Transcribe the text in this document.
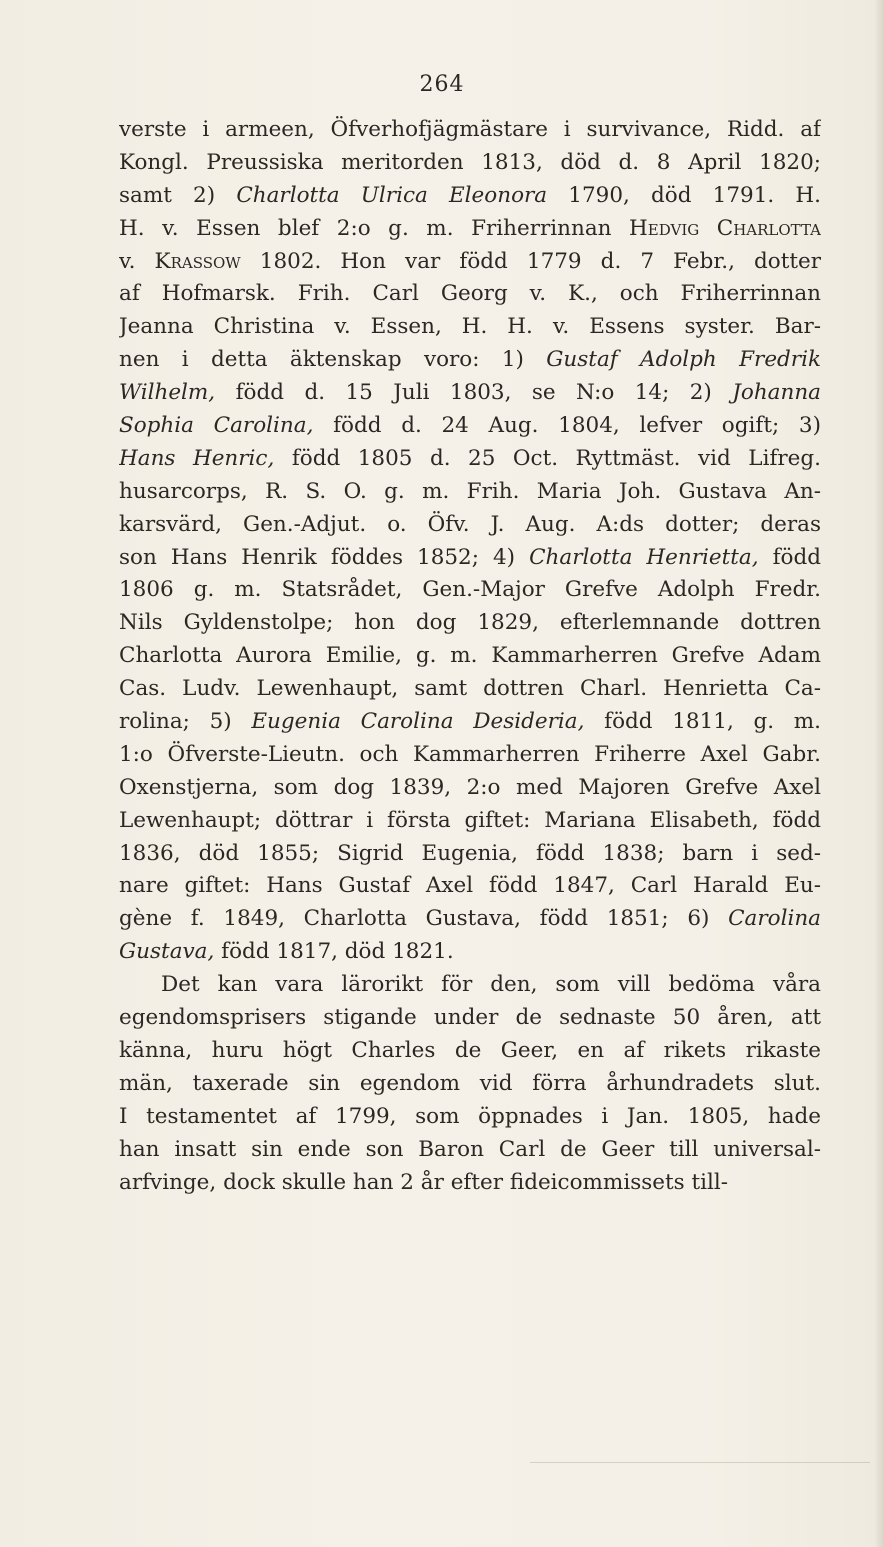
264
verste i armeen, Öfverhofjägmästare i survivance, Ridd. af
Kongl. Preussiska meritorden 1813, död d. 8 April 1820;
samt 2) Charlotta Ulrica Eleonora 1790, död 1791. H.
H. v. Essen blef 2:o g. m. Friherrinnan Hedvig Charlotta
v. Krassow 1802. Hon var född 1779 d. 7 Febr., dotter
af Hofmarsk. Frih. Carl Georg v. K., och Friherrinnan
Jeanna Christina v. Essen, H. H. v. Essens syster. Bar-
nen i detta äktenskap voro: 1) Gustaf Adolph Fredrik
Wilhelm, född d. 15 Juli 1803, se N:o 14; 2) Johanna
Sophia Carolina, född d. 24 Aug. 1804, lefver ogift; 3)
Hans Henric, född 1805 d. 25 Oct. Ryttmäst. vid Lifreg.
husarcorps, R. S. O. g. m. Frih. Maria Joh. Gustava An-
karsvärd, Gen.-Adjut. o. Öfv. J. Aug. A:ds dotter; deras
son Hans Henrik föddes 1852; 4) Charlotta Henrietta, född
1806 g. m. Statsrådet, Gen.-Major Grefve Adolph Fredr.
Nils Gyldenstolpe; hon dog 1829, efterlemnande dottren
Charlotta Aurora Emilie, g. m. Kammarherren Grefve Adam
Cas. Ludv. Lewenhaupt, samt dottren Charl. Henrietta Ca-
rolina; 5) Eugenia Carolina Desideria, född 1811, g. m.
1:o Öfverste-Lieutn. och Kammarherren Friherre Axel Gabr.
Oxenstjerna, som dog 1839, 2:o med Majoren Grefve Axel
Lewenhaupt; döttrar i första giftet: Mariana Elisabeth, född
1836, död 1855; Sigrid Eugenia, född 1838; barn i sed-
nare giftet: Hans Gustaf Axel född 1847, Carl Harald Eu-
gène f. 1849, Charlotta Gustava, född 1851; 6) Carolina
Gustava, född 1817, död 1821.
Det kan vara lärorikt för den, som vill bedöma våra
egendomsprisers stigande under de sednaste 50 åren, att
känna, huru högt Charles de Geer, en af rikets rikaste
män, taxerade sin egendom vid förra århundradets slut.
I testamentet af 1799, som öppnades i Jan. 1805, hade
han insatt sin ende son Baron Carl de Geer till universal-
arfvinge, dock skulle han 2 år efter fideicommissets till-
